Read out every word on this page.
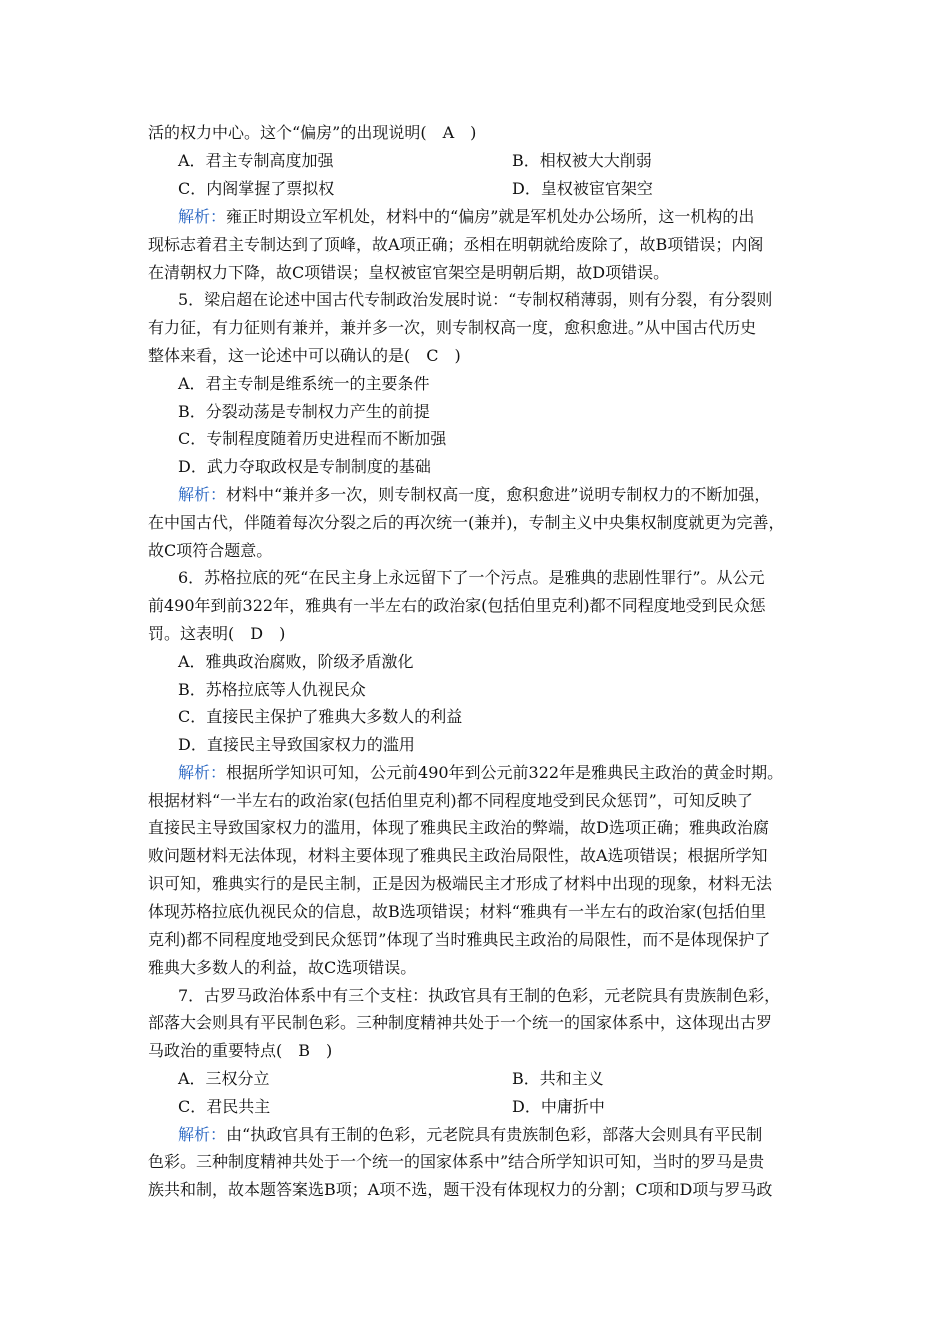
活的权力中心。这个“偏房”的出现说明(　A　)
A．君主专制高度加强	B．相权被大大削弱
C．内阁掌握了票拟权	D．皇权被宦官架空
解析：雍正时期设立军机处，材料中的“偏房”就是军机处办公场所，这一机构的出
现标志着君主专制达到了顶峰，故A项正确；丞相在明朝就给废除了，故B项错误；内阁
在清朝权力下降，故C项错误；皇权被宦官架空是明朝后期，故D项错误。
5．梁启超在论述中国古代专制政治发展时说：“专制权稍薄弱，则有分裂，有分裂则
有力征，有力征则有兼并，兼并多一次，则专制权高一度，愈积愈进。”从中国古代历史
整体来看，这一论述中可以确认的是(　C　)
A．君主专制是维系统一的主要条件
B．分裂动荡是专制权力产生的前提
C．专制程度随着历史进程而不断加强
D．武力夺取政权是专制制度的基础
解析：材料中“兼并多一次，则专制权高一度，愈积愈进”说明专制权力的不断加强，
在中国古代，伴随着每次分裂之后的再次统一(兼并)，专制主义中央集权制度就更为完善，
故C项符合题意。
6．苏格拉底的死“在民主身上永远留下了一个污点。是雅典的悲剧性罪行”。从公元
前490年到前322年，雅典有一半左右的政治家(包括伯里克利)都不同程度地受到民众惩
罚。这表明(　D　)
A．雅典政治腐败，阶级矛盾激化
B．苏格拉底等人仇视民众
C．直接民主保护了雅典大多数人的利益
D．直接民主导致国家权力的滥用
解析：根据所学知识可知，公元前490年到公元前322年是雅典民主政治的黄金时期。
根据材料“一半左右的政治家(包括伯里克利)都不同程度地受到民众惩罚”，可知反映了
直接民主导致国家权力的滥用，体现了雅典民主政治的弊端，故D选项正确；雅典政治腐
败问题材料无法体现，材料主要体现了雅典民主政治局限性，故A选项错误；根据所学知
识可知，雅典实行的是民主制，正是因为极端民主才形成了材料中出现的现象，材料无法
体现苏格拉底仇视民众的信息，故B选项错误；材料“雅典有一半左右的政治家(包括伯里
克利)都不同程度地受到民众惩罚”体现了当时雅典民主政治的局限性，而不是体现保护了
雅典大多数人的利益，故C选项错误。
7．古罗马政治体系中有三个支柱：执政官具有王制的色彩，元老院具有贵族制色彩，
部落大会则具有平民制色彩。三种制度精神共处于一个统一的国家体系中，这体现出古罗
马政治的重要特点(　B　)
A．三权分立	B．共和主义
C．君民共主	D．中庸折中
解析：由“执政官具有王制的色彩，元老院具有贵族制色彩，部落大会则具有平民制
色彩。三种制度精神共处于一个统一的国家体系中”结合所学知识可知，当时的罗马是贵
族共和制，故本题答案选B项；A项不选，题干没有体现权力的分割；C项和D项与罗马政
